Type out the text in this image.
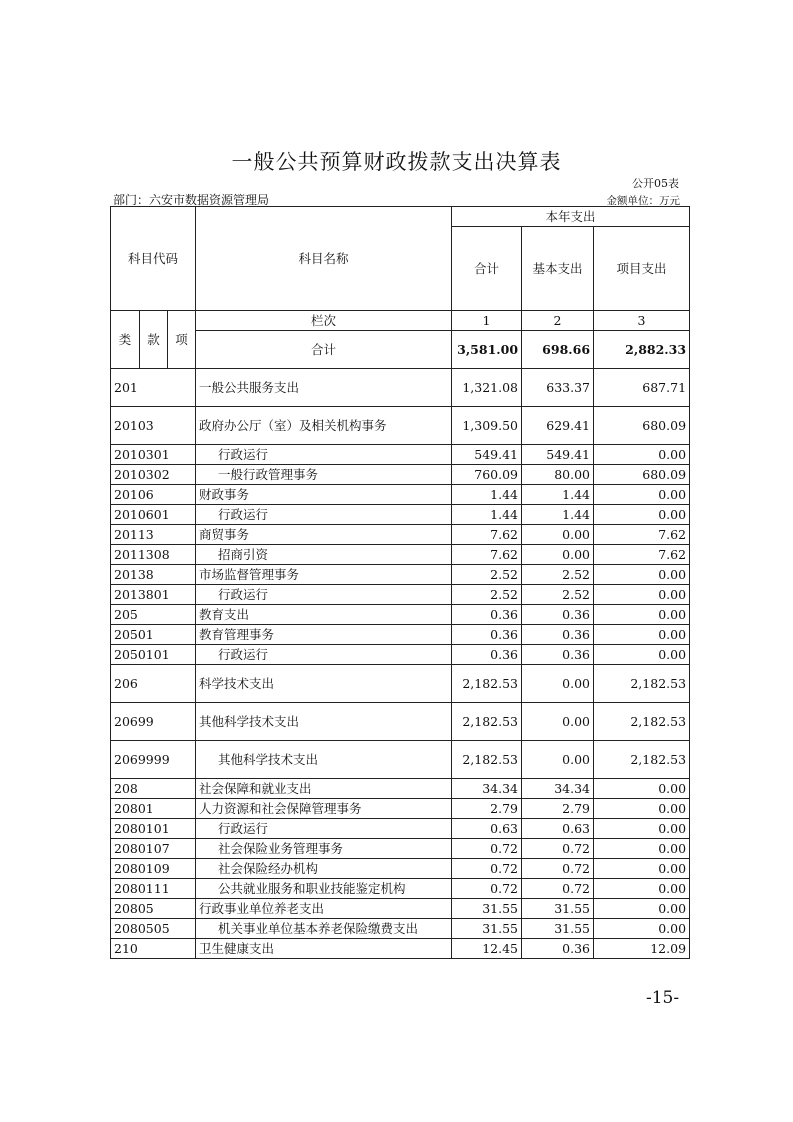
一般公共预算财政拨款支出决算表
公开05表
部门：六安市数据资源管理局	金额单位：万元
科目代码			科目名称	本年支出		
				合计	基本支出	项目支出
类	款	项	栏次	1	2	3
			合计	3,581.00	698.66	2,882.33
201			一般公共服务支出	1,321.08	633.37	687.71
20103			政府办公厅（室）及相关机构事务	1,309.50	629.41	680.09
2010301			行政运行	549.41	549.41	0.00
2010302			一般行政管理事务	760.09	80.00	680.09
20106			财政事务	1.44	1.44	0.00
2010601			行政运行	1.44	1.44	0.00
20113			商贸事务	7.62	0.00	7.62
2011308			招商引资	7.62	0.00	7.62
20138			市场监督管理事务	2.52	2.52	0.00
2013801			行政运行	2.52	2.52	0.00
205			教育支出	0.36	0.36	0.00
20501			教育管理事务	0.36	0.36	0.00
2050101			行政运行	0.36	0.36	0.00
206			科学技术支出	2,182.53	0.00	2,182.53
20699			其他科学技术支出	2,182.53	0.00	2,182.53
2069999			其他科学技术支出	2,182.53	0.00	2,182.53
208			社会保障和就业支出	34.34	34.34	0.00
20801			人力资源和社会保障管理事务	2.79	2.79	0.00
2080101			行政运行	0.63	0.63	0.00
2080107			社会保险业务管理事务	0.72	0.72	0.00
2080109			社会保险经办机构	0.72	0.72	0.00
2080111			公共就业服务和职业技能鉴定机构	0.72	0.72	0.00
20805			行政事业单位养老支出	31.55	31.55	0.00
2080505			机关事业单位基本养老保险缴费支出	31.55	31.55	0.00
210			卫生健康支出	12.45	0.36	12.09
-15-
